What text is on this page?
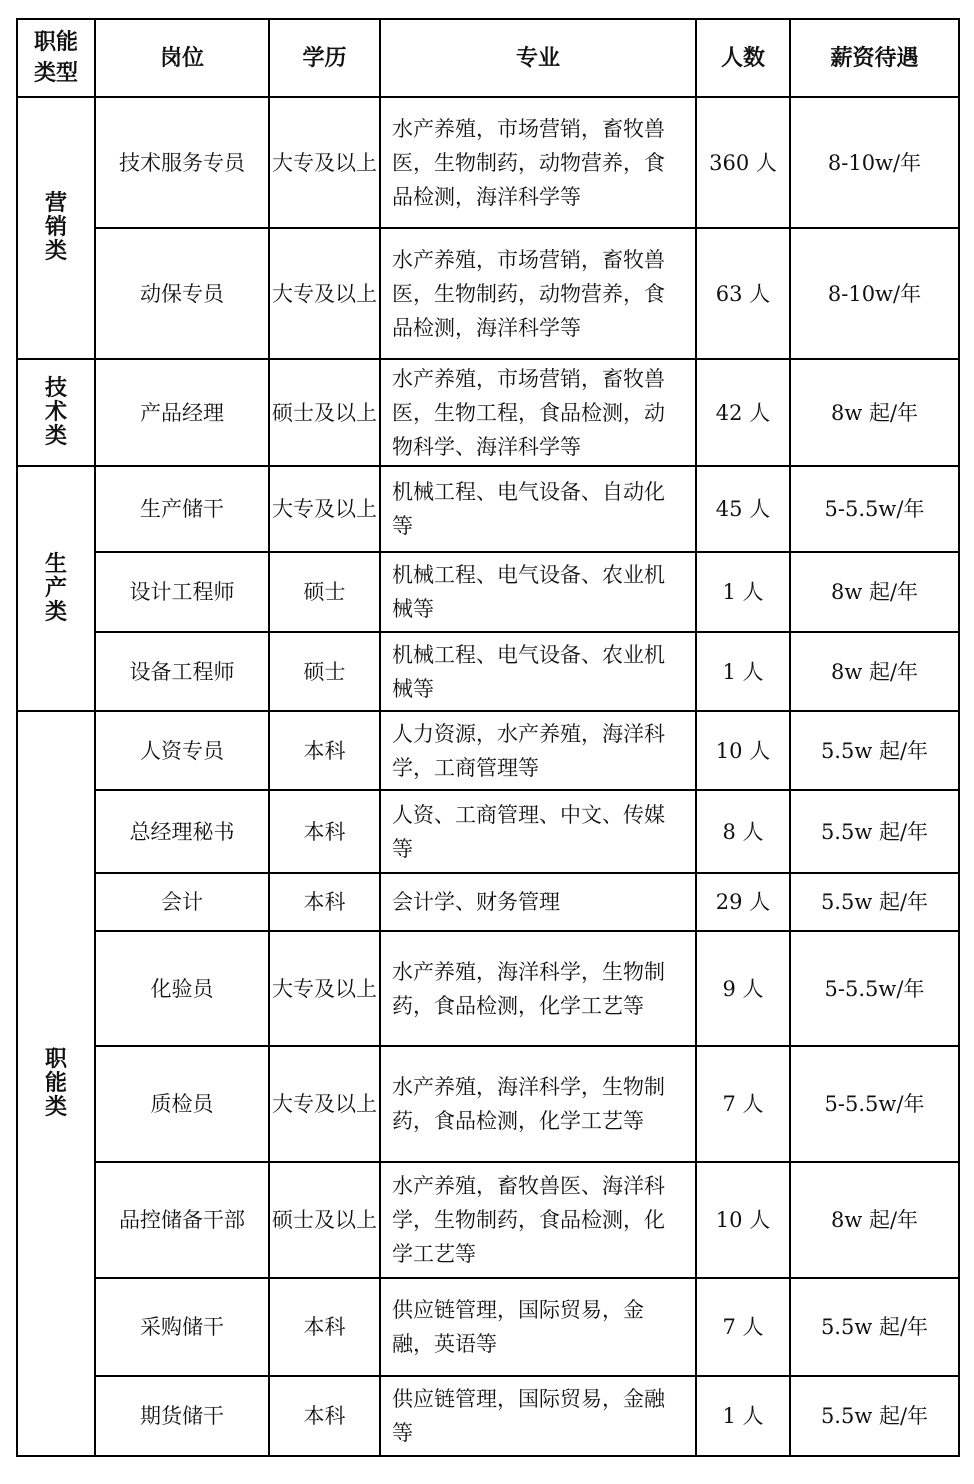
职能类型	岗位	学历	专业	人数	薪资待遇
营销类	技术服务专员	大专及以上	水产养殖，市场营销，畜牧兽医，生物制药，动物营养，食品检测，海洋科学等	360 人	8-10w/年
	动保专员	大专及以上	水产养殖，市场营销，畜牧兽医，生物制药，动物营养，食品检测，海洋科学等	63 人	8-10w/年
技术类	产品经理	硕士及以上	水产养殖，市场营销，畜牧兽医，生物工程，食品检测，动物科学、海洋科学等	42 人	8w 起/年
生产类	生产储干	大专及以上	机械工程、电气设备、自动化等	45 人	5-5.5w/年
	设计工程师	硕士	机械工程、电气设备、农业机械等	1 人	8w 起/年
	设备工程师	硕士	机械工程、电气设备、农业机械等	1 人	8w 起/年
职能类	人资专员	本科	人力资源，水产养殖，海洋科学，工商管理等	10 人	5.5w 起/年
	总经理秘书	本科	人资、工商管理、中文、传媒等	8 人	5.5w 起/年
	会计	本科	会计学、财务管理	29 人	5.5w 起/年
	化验员	大专及以上	水产养殖，海洋科学，生物制药，食品检测，化学工艺等	9 人	5-5.5w/年
	质检员	大专及以上	水产养殖，海洋科学，生物制药，食品检测，化学工艺等	7 人	5-5.5w/年
	品控储备干部	硕士及以上	水产养殖，畜牧兽医、海洋科学，生物制药，食品检测，化学工艺等	10 人	8w 起/年
	采购储干	本科	供应链管理，国际贸易，金融，英语等	7 人	5.5w 起/年
	期货储干	本科	供应链管理，国际贸易，金融等	1 人	5.5w 起/年
